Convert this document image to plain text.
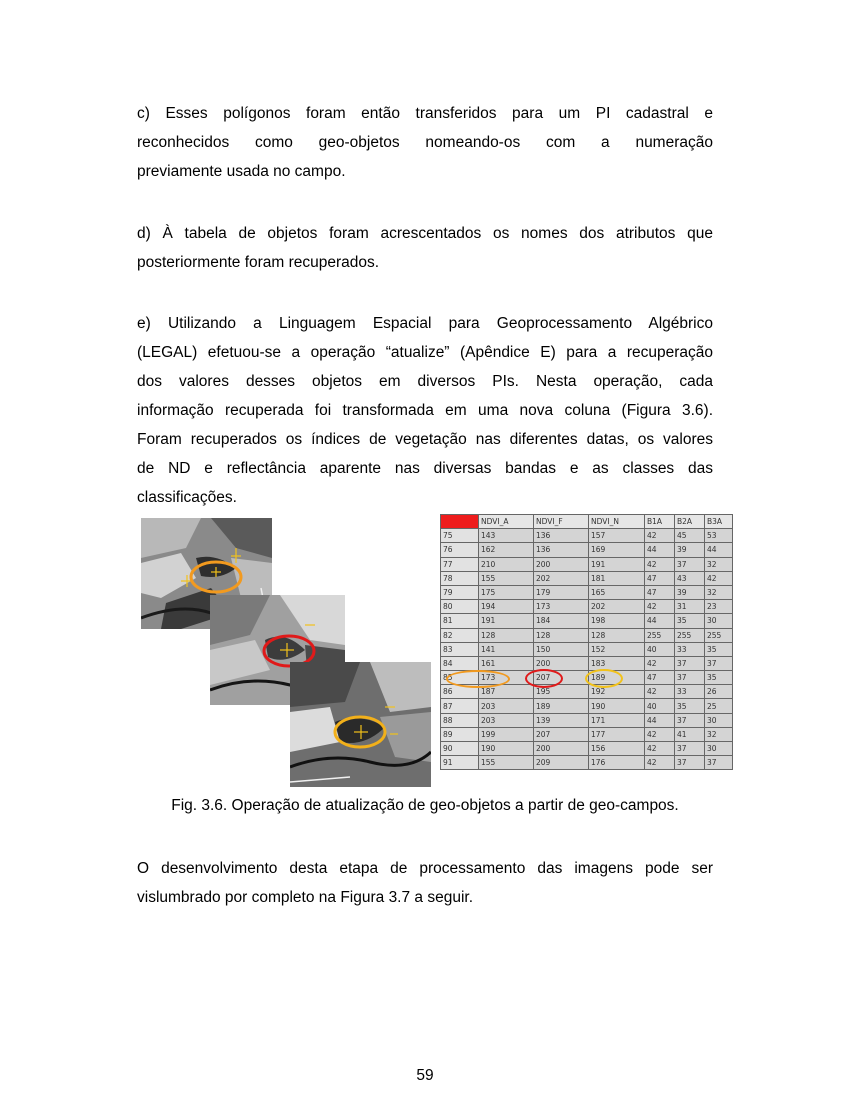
c) Esses polígonos foram então transferidos para um PI cadastral e
reconhecidos como geo-objetos nomeando-os com a numeração
previamente usada no campo.
d) À tabela de objetos foram acrescentados os nomes dos atributos que
posteriormente foram recuperados.
e) Utilizando a Linguagem Espacial para Geoprocessamento Algébrico
(LEGAL) efetuou-se a operação “atualize” (Apêndice E) para a recuperação
dos valores desses objetos em diversos PIs. Nesta operação, cada
informação recuperada foi transformada em uma nova coluna (Figura 3.6).
Foram recuperados os índices de vegetação nas diferentes datas, os valores
de ND e reflectância aparente nas diversas bandas e as classes das
classificações.
	NDVI_A	NDVI_F	NDVI_N	B1A	B2A	B3A
75	143	136	157	42	45	53
76	162	136	169	44	39	44
77	210	200	191	42	37	32
78	155	202	181	47	43	42
79	175	179	165	47	39	32
80	194	173	202	42	31	23
81	191	184	198	44	35	30
82	128	128	128	255	255	255
83	141	150	152	40	33	35
84	161	200	183	42	37	37
85	173	207	189	47	37	35
86	187	195	192	42	33	26
87	203	189	190	40	35	25
88	203	139	171	44	37	30
89	199	207	177	42	41	32
90	190	200	156	42	37	30
91	155	209	176	42	37	37
Fig. 3.6. Operação de atualização de geo-objetos a partir de geo-campos.
O desenvolvimento desta etapa de processamento das imagens pode ser
vislumbrado por completo na Figura 3.7 a seguir.
59
